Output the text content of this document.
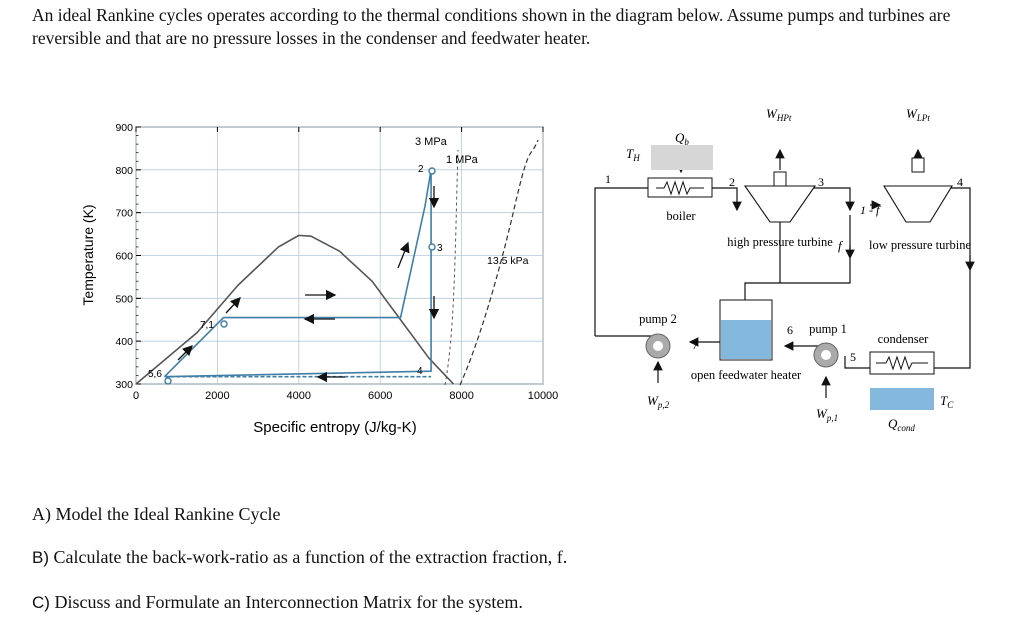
An ideal Rankine cycles operates according to the thermal conditions shown in the diagram below. Assume pumps and turbines are reversible and that are no pressure losses in the condenser and feedwater heater.
A) Model the Ideal Rankine Cycle
B) Calculate the back-work-ratio as a function of the extraction fraction, f.
C) Discuss and Formulate an Interconnection Matrix for the system.
300
400
500
600
700
800
900
0	2000	4000	6000	8000	10000
3 MPa
1 MPa
13.5 kPa
5,6
7,1
2
3
4
Specific entropy (J/kg-K)
Temperature (K)	boiler
high pressure turbine	low pressure turbine
open feedwater heater
pump 2
pump 1
condenser
1	2	3	4
5
6
7
$T_H$
$Q_b$
$W_{HPt}$	$W_{LPt}$
$W_{p,2}$
$W_{p,1}$	$Q_{cond}$
$T_C$
f
1 - f
